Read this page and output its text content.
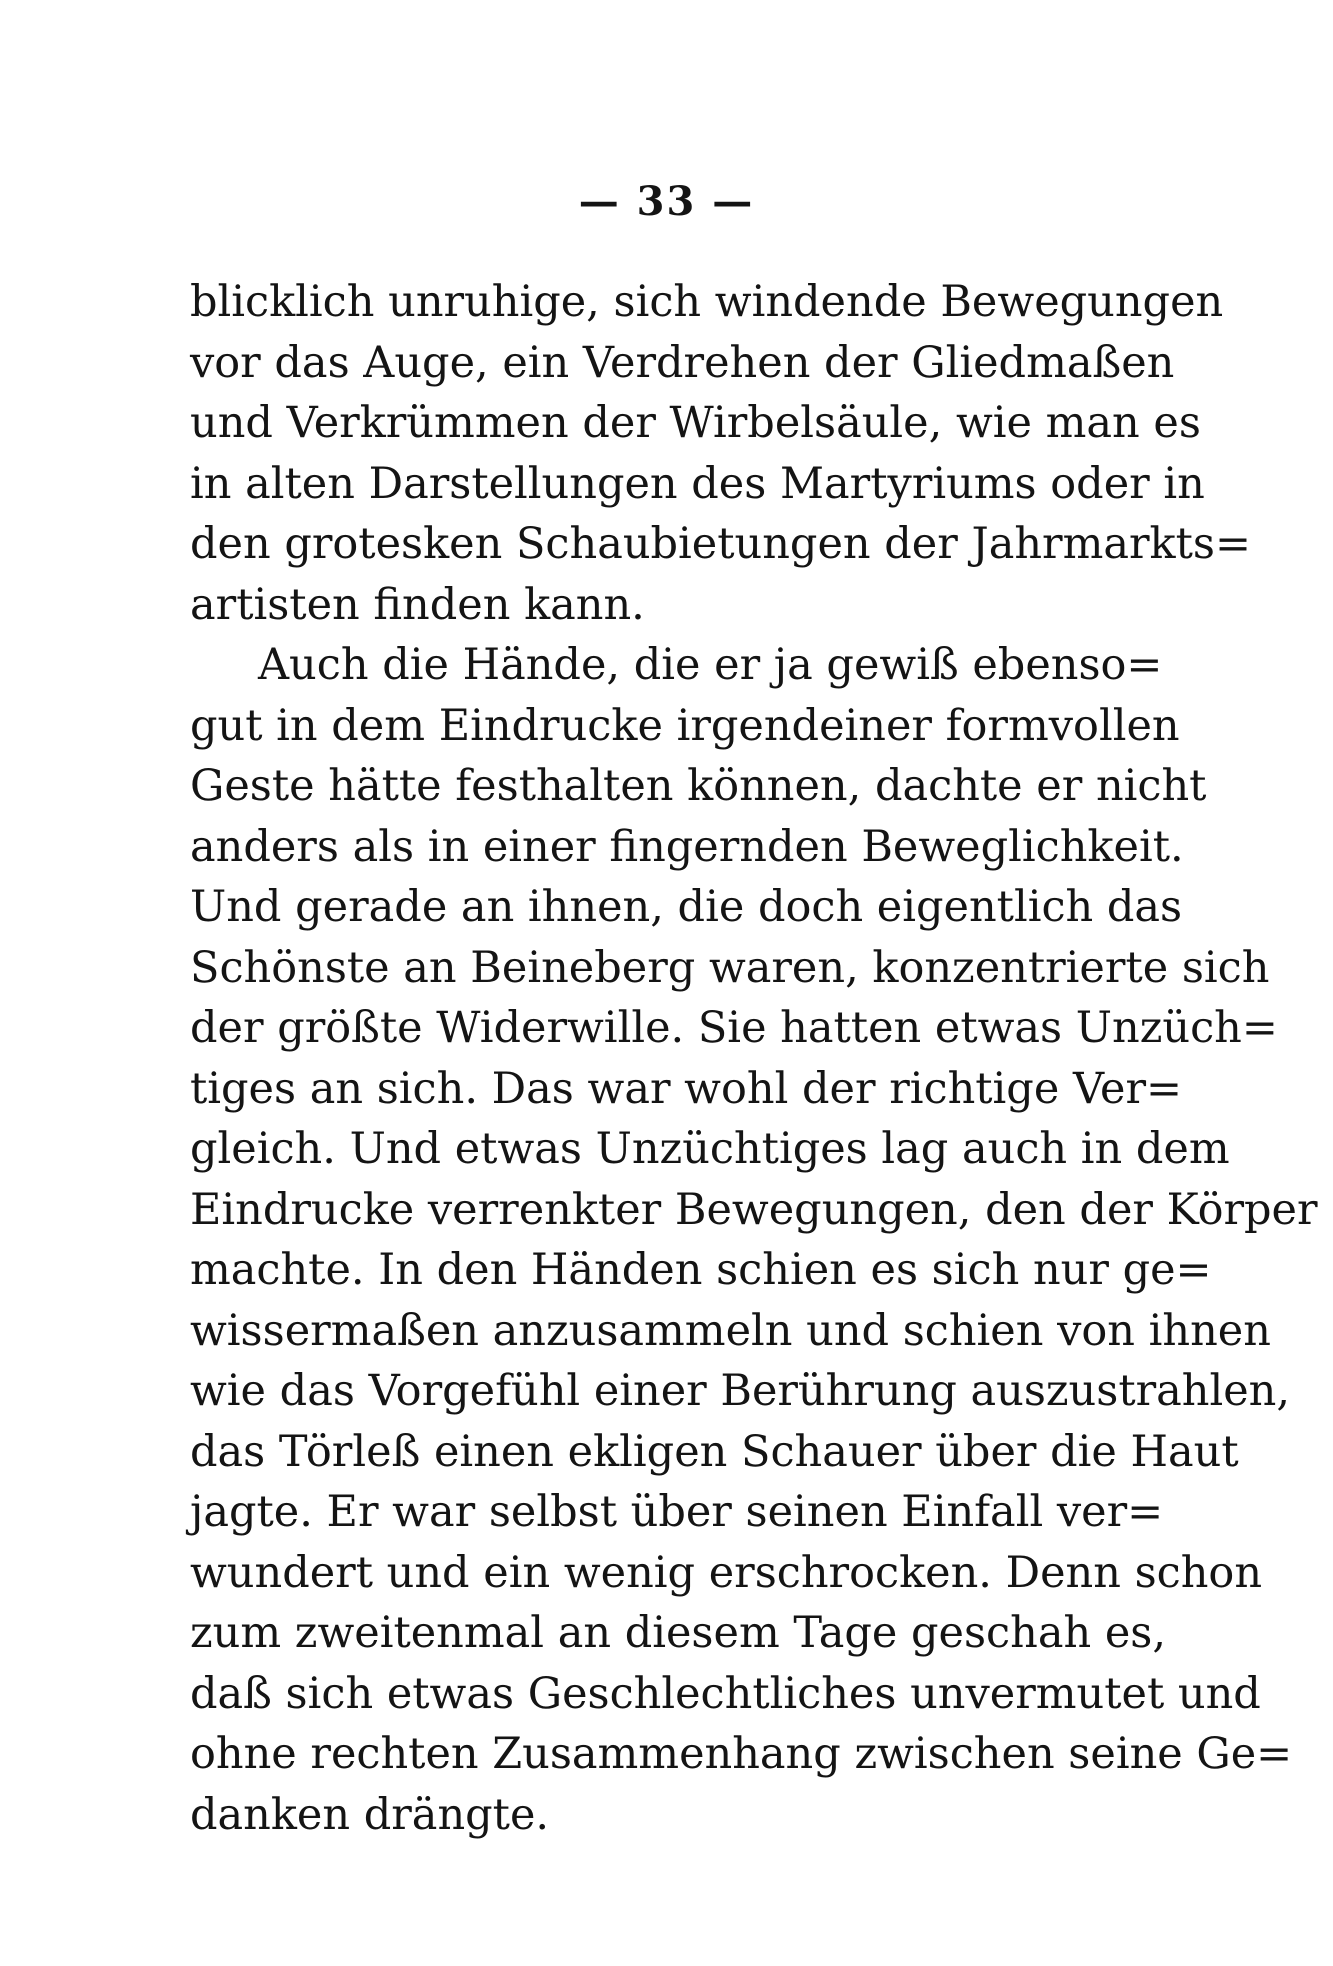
— 33 —
blicklich unruhige, sich windende Bewegungen
vor das Auge, ein Verdrehen der Gliedmaßen
und Verkrümmen der Wirbelsäule, wie man es
in alten Darstellungen des Martyriums oder in
den grotesken Schaubietungen der Jahrmarkts=
artisten finden kann.
Auch die Hände, die er ja gewiß ebenso=
gut in dem Eindrucke irgendeiner formvollen
Geste hätte festhalten können, dachte er nicht
anders als in einer fingernden Beweglichkeit.
Und gerade an ihnen, die doch eigentlich das
Schönste an Beineberg waren, konzentrierte sich
der größte Widerwille. Sie hatten etwas Unzüch=
tiges an sich. Das war wohl der richtige Ver=
gleich. Und etwas Unzüchtiges lag auch in dem
Eindrucke verrenkter Bewegungen, den der Körper
machte. In den Händen schien es sich nur ge=
wissermaßen anzusammeln und schien von ihnen
wie das Vorgefühl einer Berührung auszustrahlen,
das Törleß einen ekligen Schauer über die Haut
jagte. Er war selbst über seinen Einfall ver=
wundert und ein wenig erschrocken. Denn schon
zum zweitenmal an diesem Tage geschah es,
daß sich etwas Geschlechtliches unvermutet und
ohne rechten Zusammenhang zwischen seine Ge=
danken drängte.
